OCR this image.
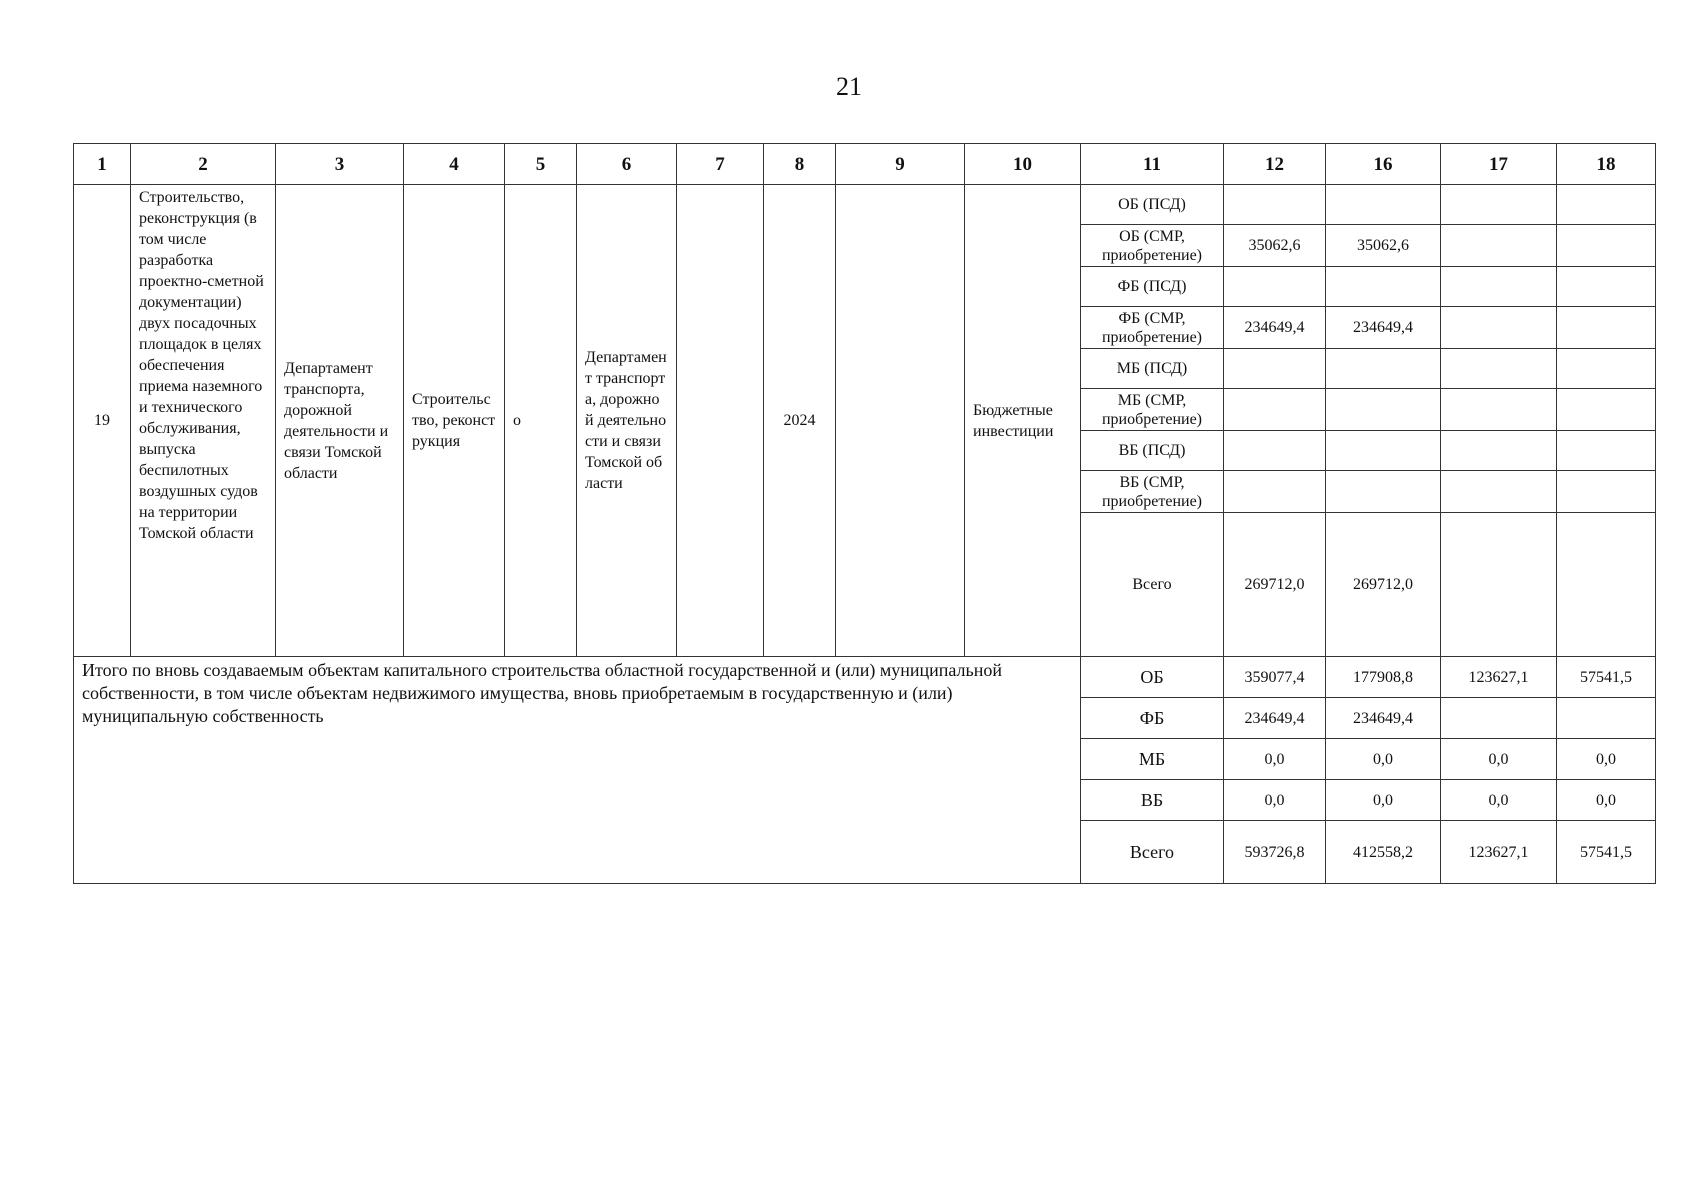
21
1	2	3	4	5	6	7	8	9	10	11	12	16	17	18
19	Строительство, реконструкция (в том числе разработка проектно-сметной документации) двух посадочных площадок в целях обеспечения приема наземного и технического обслуживания, выпуска беспилотных воздушных судов на территории Томской области	Департамент транспорта, дорожной деятельности и связи Томской области	Строительство, реконструкция	о	Департамент транспорта, дорожной деятельности и связи Томской области		2024		Бюджетные инвестиции	ОБ (ПСД)				
										ОБ (СМР, приобретение)	35062,6	35062,6		
										ФБ (ПСД)				
										ФБ (СМР, приобретение)	234649,4	234649,4		
										МБ (ПСД)				
										МБ (СМР, приобретение)				
										ВБ (ПСД)				
										ВБ (СМР, приобретение)				
										Всего	269712,0	269712,0		
Итого по вновь создаваемым объектам капитального строительства областной государственной и (или) муниципальной собственности, в том числе объектам недвижимого имущества, вновь приобретаемым в государственную и (или) муниципальную собственность										ОБ	359077,4	177908,8	123627,1	57541,5
										ФБ	234649,4	234649,4		
										МБ	0,0	0,0	0,0	0,0
										ВБ	0,0	0,0	0,0	0,0
										Всего	593726,8	412558,2	123627,1	57541,5
